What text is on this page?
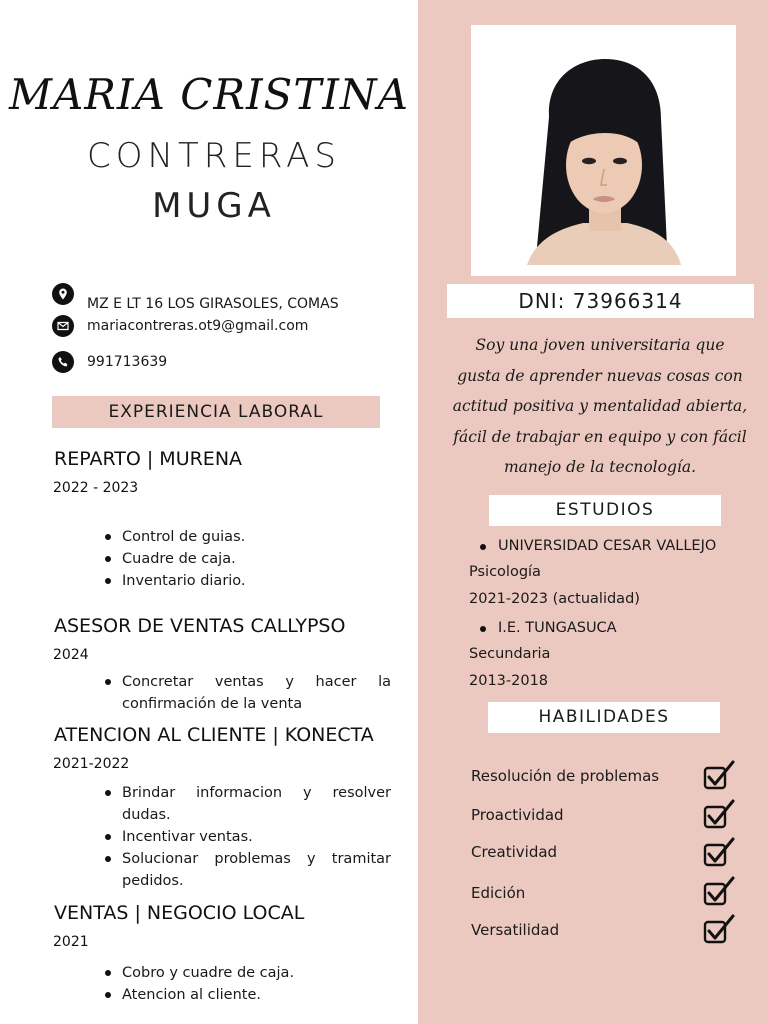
MARIA CRISTINA
CONTRERAS
MUGA
MZ E LT 16 LOS GIRASOLES, COMAS
mariacontreras.ot9@gmail.com
991713639
EXPERIENCIA LABORAL
REPARTO | MURENA
2022 - 2023
Control de guias.
Cuadre de caja.
Inventario diario.
ASESOR DE VENTAS CALLYPSO
2024
Concretar ventas y hacer la confirmación de la venta
ATENCION AL CLIENTE | KONECTA
2021-2022
Brindar informacion y resolver dudas.
Incentivar ventas.
Solucionar problemas y tramitar pedidos.
VENTAS | NEGOCIO LOCAL
2021
Cobro y cuadre de caja.
Atencion al cliente.
DNI: 73966314
Soy una joven universitaria que gusta de aprender nuevas cosas con actitud positiva y mentalidad abierta, fácil de trabajar en equipo y con fácil manejo de la tecnología.
ESTUDIOS
UNIVERSIDAD CESAR VALLEJO
Psicología
2021-2023 (actualidad)
I.E. TUNGASUCA
Secundaria
2013-2018
HABILIDADES
Resolución de problemas
Proactividad
Creatividad
Edición
Versatilidad
